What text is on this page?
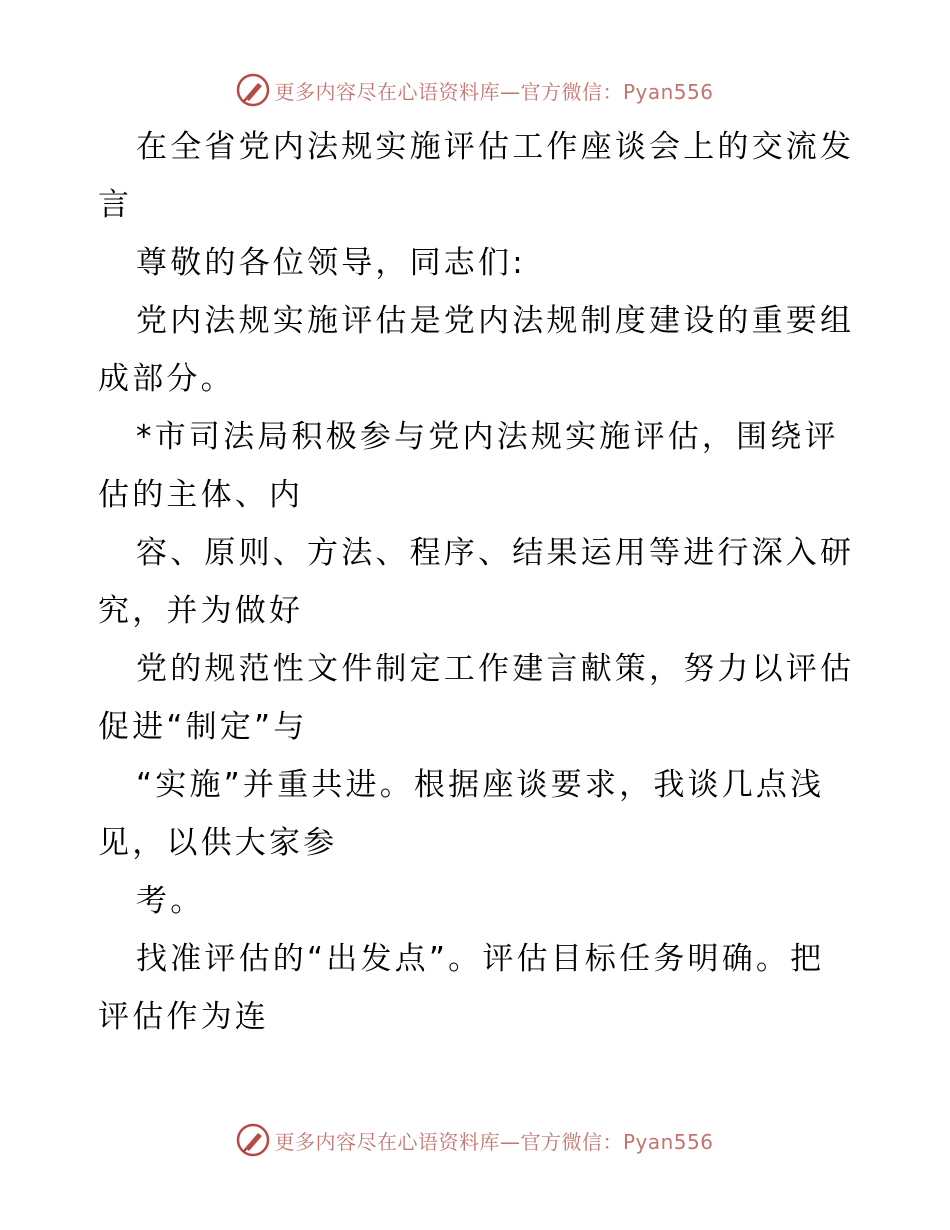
更多内容尽在心语资料库—官方微信：Pyan556

在全省党内法规实施评估工作座谈会上的交流发言

尊敬的各位领导，同志们:

党内法规实施评估是党内法规制度建设的重要组成部分。

*市司法局积极参与党内法规实施评估，围绕评估的主体、内

容、原则、方法、程序、结果运用等进行深入研究，并为做好

党的规范性文件制定工作建言献策，努力以评估促进“制定”与

“实施”并重共进。根据座谈要求，我谈几点浅见，以供大家参

考。

找准评估的“出发点”。评估目标任务明确。把评估作为连

更多内容尽在心语资料库—官方微信：Pyan556
